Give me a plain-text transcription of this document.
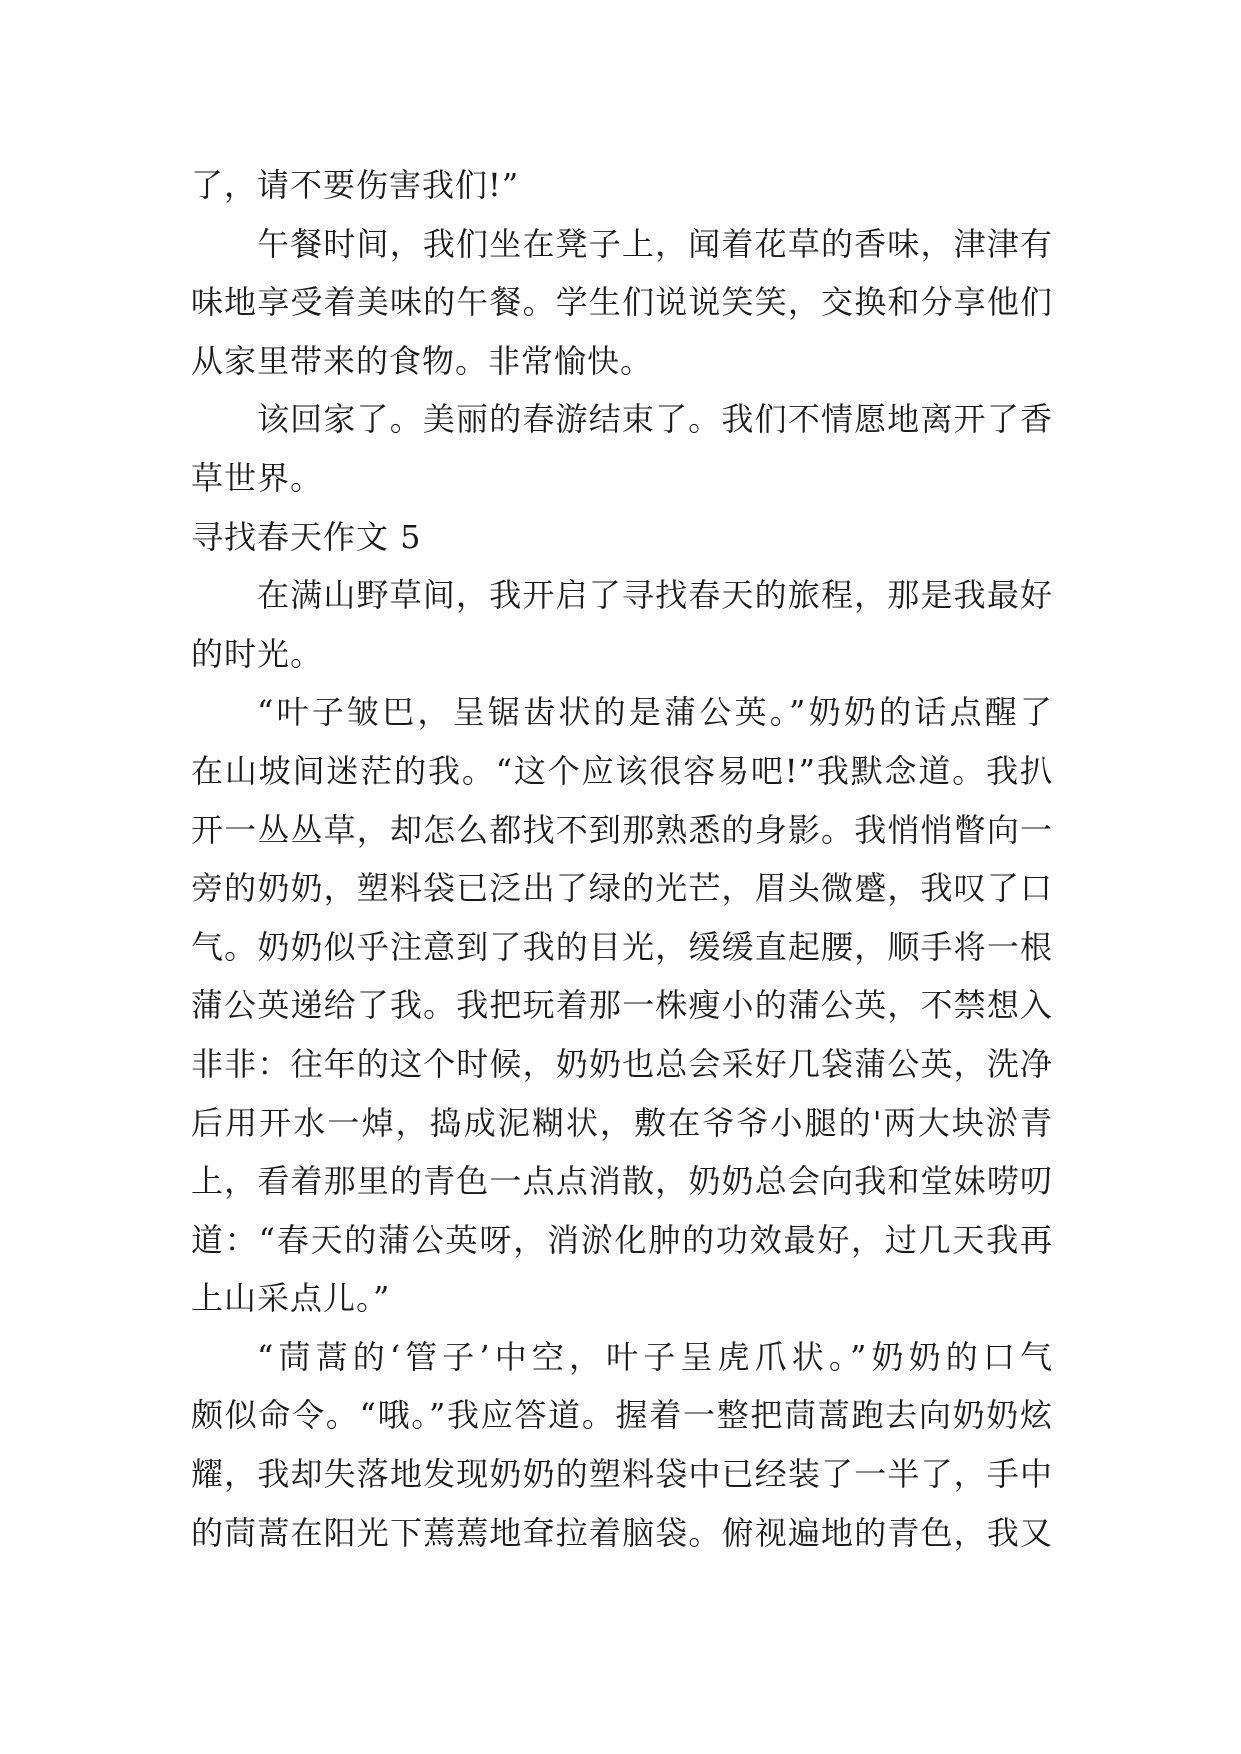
了，请不要伤害我们!”
午餐时间，我们坐在凳子上，闻着花草的香味，津津有
味地享受着美味的午餐。学生们说说笑笑，交换和分享他们
从家里带来的食物。非常愉快。
该回家了。美丽的春游结束了。我们不情愿地离开了香
草世界。
寻找春天作文 5
在满山野草间，我开启了寻找春天的旅程，那是我最好
的时光。
“叶子皱巴，呈锯齿状的是蒲公英。”奶奶的话点醒了
在山坡间迷茫的我。“这个应该很容易吧!”我默念道。我扒
开一丛丛草，却怎么都找不到那熟悉的身影。我悄悄瞥向一
旁的奶奶，塑料袋已泛出了绿的光芒，眉头微蹙，我叹了口
气。奶奶似乎注意到了我的目光，缓缓直起腰，顺手将一根
蒲公英递给了我。我把玩着那一株瘦小的蒲公英，不禁想入
非非：往年的这个时候，奶奶也总会采好几袋蒲公英，洗净
后用开水一焯，捣成泥糊状，敷在爷爷小腿的'两大块淤青
上，看着那里的青色一点点消散，奶奶总会向我和堂妹唠叨
道：“春天的蒲公英呀，消淤化肿的功效最好，过几天我再
上山采点儿。”
“茼蒿的‘管子’中空，叶子呈虎爪状。”奶奶的口气
颇似命令。“哦。”我应答道。握着一整把茼蒿跑去向奶奶炫
耀，我却失落地发现奶奶的塑料袋中已经装了一半了，手中
的茼蒿在阳光下蔫蔫地耷拉着脑袋。俯视遍地的青色，我又
